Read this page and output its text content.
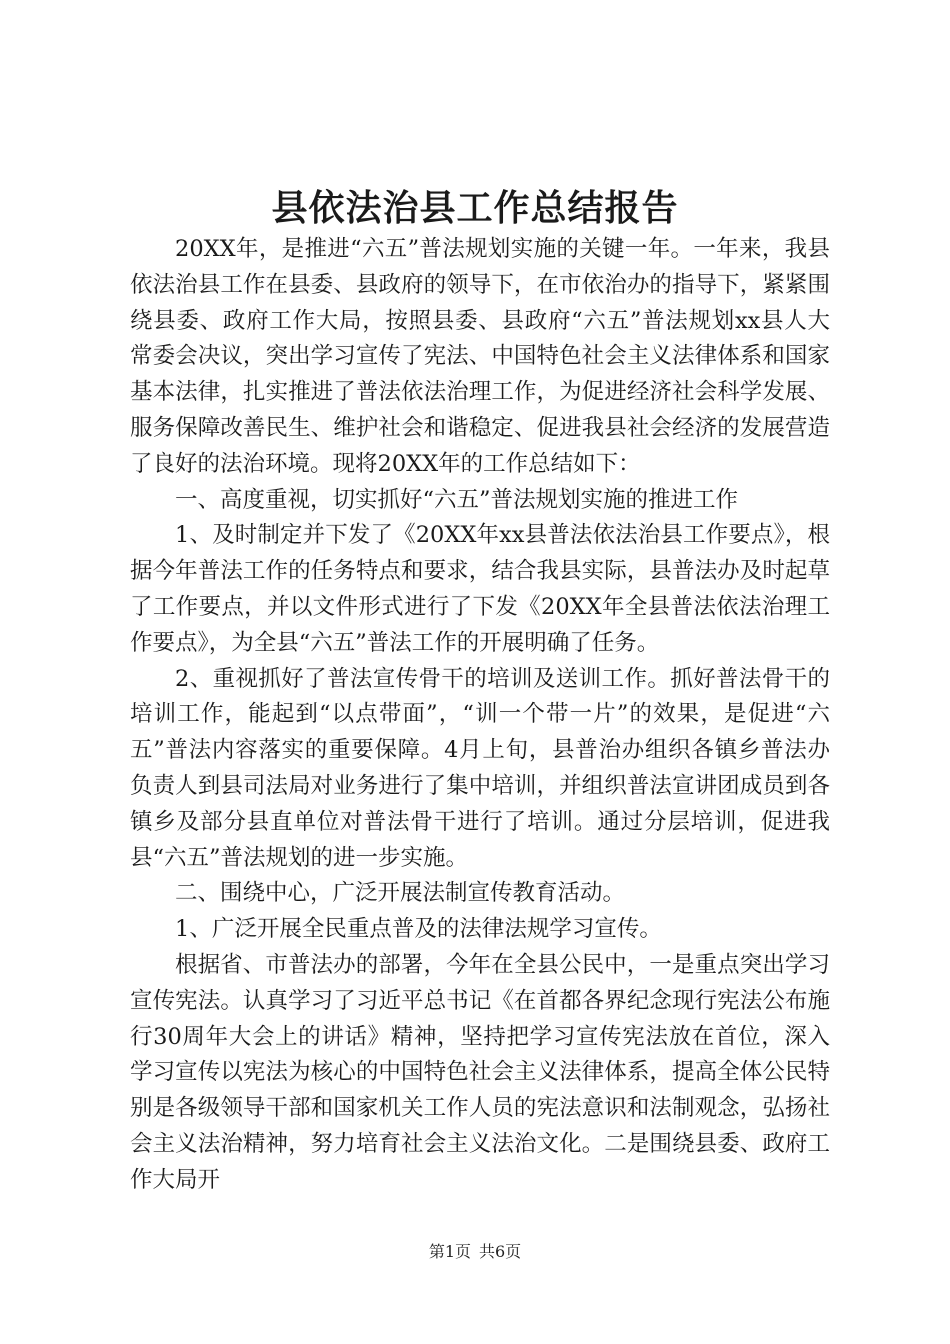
县依法治县工作总结报告

20XX年，是推进“六五”普法规划实施的关键一年。一年来，我县依法治县工作在县委、县政府的领导下，在市依治办的指导下，紧紧围绕县委、政府工作大局，按照县委、县政府“六五”普法规划xx县人大常委会决议，突出学习宣传了宪法、中国特色社会主义法律体系和国家基本法律，扎实推进了普法依法治理工作，为促进经济社会科学发展、服务保障改善民生、维护社会和谐稳定、促进我县社会经济的发展营造了良好的法治环境。现将20XX年的工作总结如下：

一、高度重视，切实抓好“六五”普法规划实施的推进工作

1、及时制定并下发了《20XX年xx县普法依法治县工作要点》，根据今年普法工作的任务特点和要求，结合我县实际，县普法办及时起草了工作要点，并以文件形式进行了下发《20XX年全县普法依法治理工作要点》，为全县“六五”普法工作的开展明确了任务。

2、重视抓好了普法宣传骨干的培训及送训工作。抓好普法骨干的培训工作，能起到“以点带面”，“训一个带一片”的效果，是促进“六五”普法内容落实的重要保障。4月上旬，县普治办组织各镇乡普法办负责人到县司法局对业务进行了集中培训，并组织普法宣讲团成员到各镇乡及部分县直单位对普法骨干进行了培训。通过分层培训，促进我县“六五”普法规划的进一步实施。

二、围绕中心，广泛开展法制宣传教育活动。

1、广泛开展全民重点普及的法律法规学习宣传。

根据省、市普法办的部署，今年在全县公民中，一是重点突出学习宣传宪法。认真学习了习近平总书记《在首都各界纪念现行宪法公布施行30周年大会上的讲话》精神，坚持把学习宣传宪法放在首位，深入学习宣传以宪法为核心的中国特色社会主义法律体系，提高全体公民特别是各级领导干部和国家机关工作人员的宪法意识和法制观念，弘扬社会主义法治精神，努力培育社会主义法治文化。二是围绕县委、政府工作大局开

第1页 共6页
